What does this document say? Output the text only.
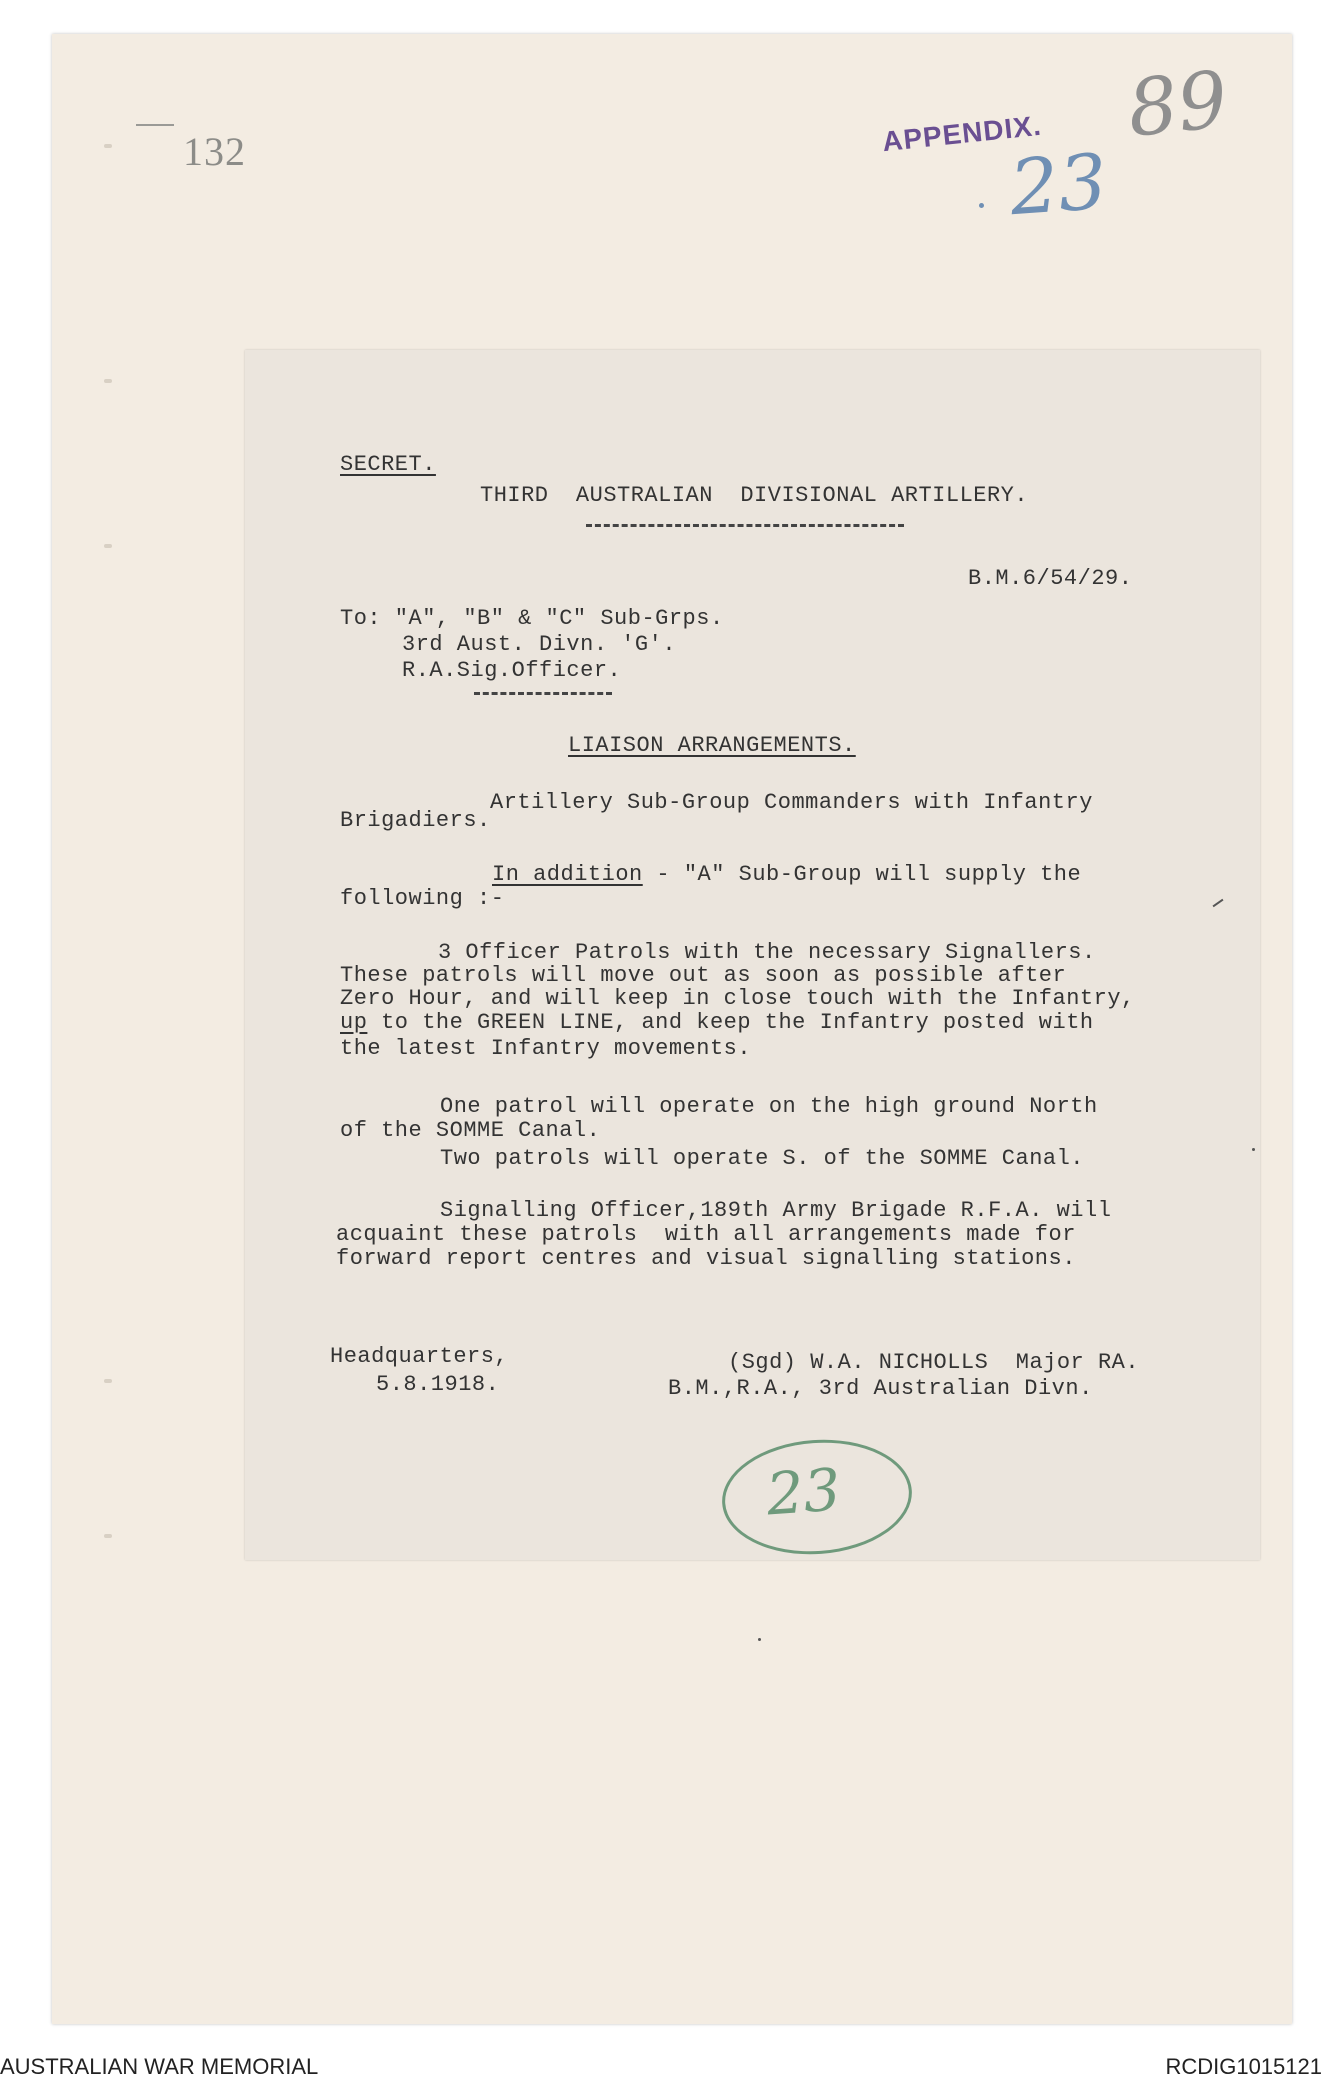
132	APPENDIX. 89
23
SECRET.
THIRD  AUSTRALIAN  DIVISIONAL ARTILLERY.
B.M.6/54/29.
To: "A", "B" & "C" Sub-Grps.
3rd Aust. Divn. 'G'.
R.A.Sig.Officer.
LIAISON ARRANGEMENTS.
Artillery Sub-Group Commanders with Infantry
Brigadiers.
In addition - "A" Sub-Group will supply the
following :-
3 Officer Patrols with the necessary Signallers.
These patrols will move out as soon as possible after
Zero Hour, and will keep in close touch with the Infantry,
up to the GREEN LINE, and keep the Infantry posted with
the latest Infantry movements.
One patrol will operate on the high ground North
of the SOMME Canal.
Two patrols will operate S. of the SOMME Canal.
Signalling Officer,189th Army Brigade R.F.A. will
acquaint these patrols  with all arrangements made for
forward report centres and visual signalling stations.
Headquarters,
5.8.1918.
(Sgd) W.A. NICHOLLS  Major RA.
B.M.,R.A., 3rd Australian Divn.
23
AUSTRALIAN WAR MEMORIAL	RCDIG1015121
